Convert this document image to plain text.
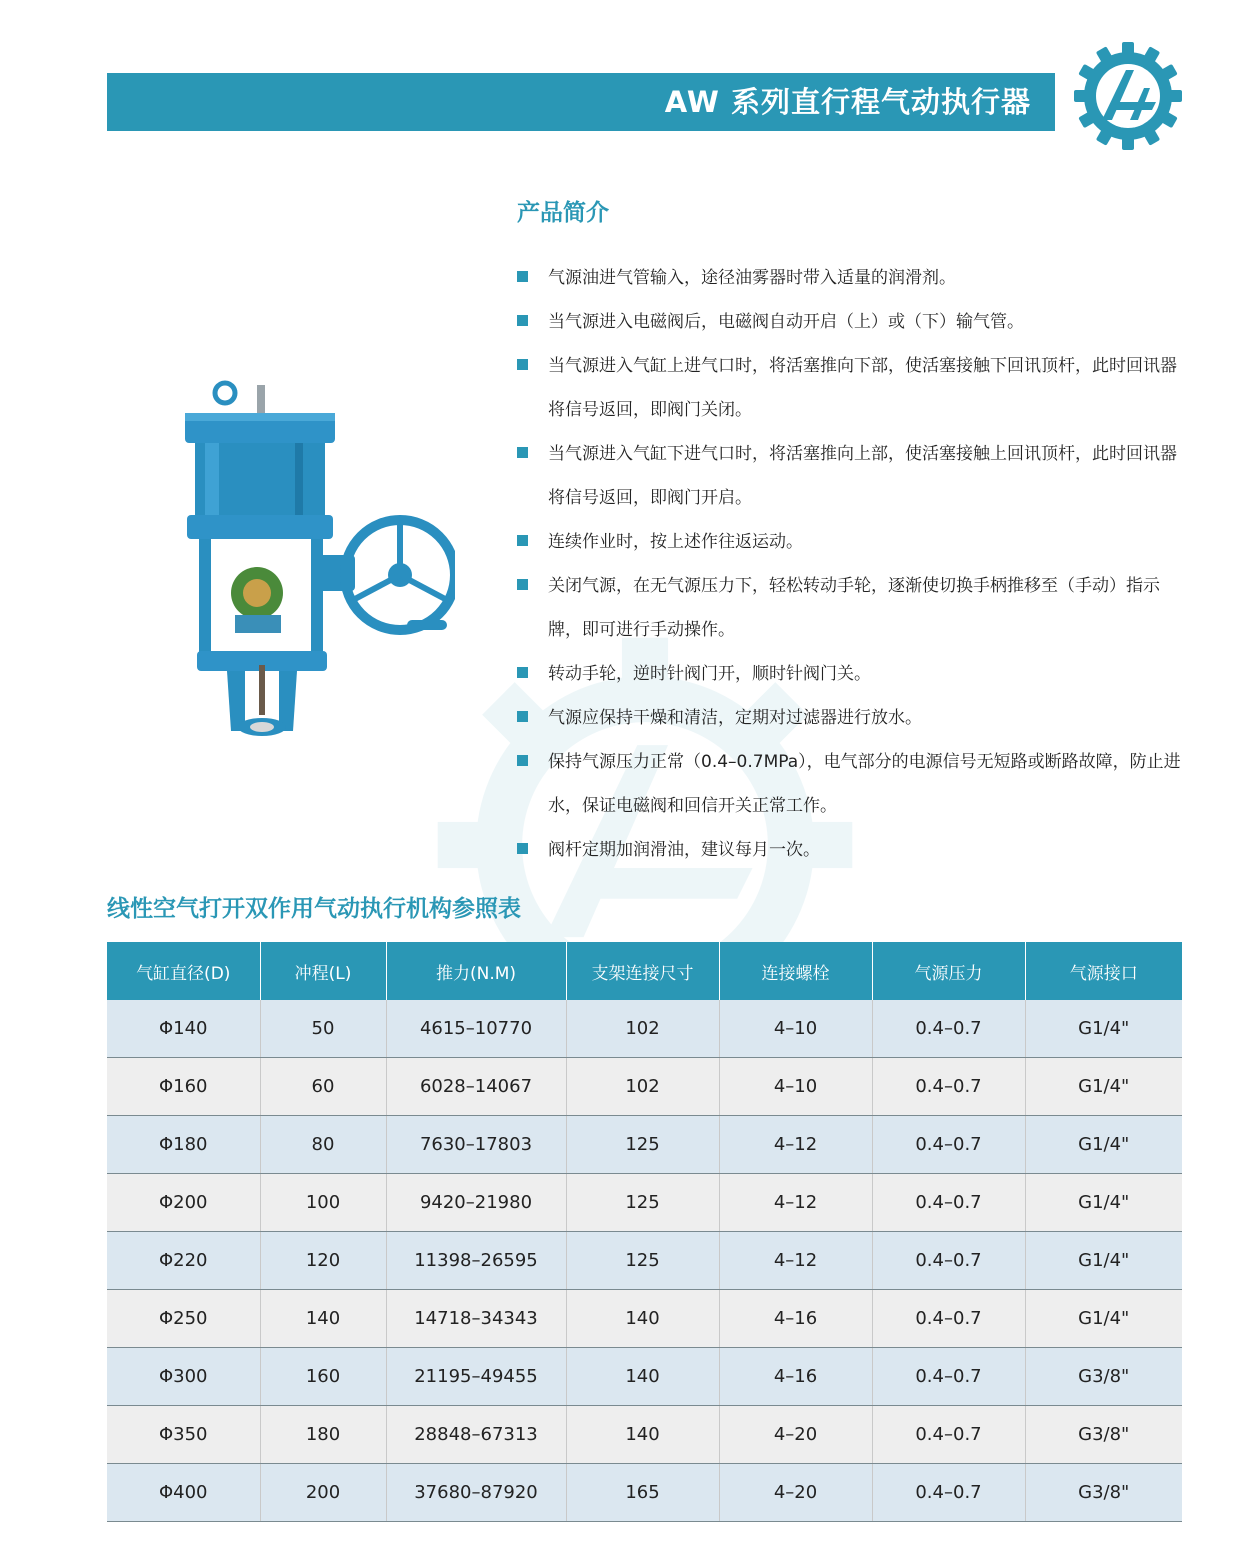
AW 系列直行程气动执行器
产品简介
气源油进气管输入，途径油雾器时带入适量的润滑剂。
当气源进入电磁阀后，电磁阀自动开启（上）或（下）输气管。
当气源进入气缸上进气口时，将活塞推向下部，使活塞接触下回讯顶杆，此时回讯器将信号返回，即阀门关闭。
当气源进入气缸下进气口时，将活塞推向上部，使活塞接触上回讯顶杆，此时回讯器将信号返回，即阀门开启。
连续作业时，按上述作往返运动。
关闭气源，在无气源压力下，轻松转动手轮，逐渐使切换手柄推移至（手动）指示牌，即可进行手动操作。
转动手轮，逆时针阀门开，顺时针阀门关。
气源应保持干燥和清洁，定期对过滤器进行放水。
保持气源压力正常（0.4–0.7MPa），电气部分的电源信号无短路或断路故障，防止进水，保证电磁阀和回信开关正常工作。
阀杆定期加润滑油，建议每月一次。
线性空气打开双作用气动执行机构参照表
气缸直径(D)	冲程(L)	推力(N.M)	支架连接尺寸	连接螺栓	气源压力	气源接口
Φ140	50	4615–10770	102	4–10	0.4–0.7	G1/4"
Φ160	60	6028–14067	102	4–10	0.4–0.7	G1/4"
Φ180	80	7630–17803	125	4–12	0.4–0.7	G1/4"
Φ200	100	9420–21980	125	4–12	0.4–0.7	G1/4"
Φ220	120	11398–26595	125	4–12	0.4–0.7	G1/4"
Φ250	140	14718–34343	140	4–16	0.4–0.7	G1/4"
Φ300	160	21195–49455	140	4–16	0.4–0.7	G3/8"
Φ350	180	28848–67313	140	4–20	0.4–0.7	G3/8"
Φ400	200	37680–87920	165	4–20	0.4–0.7	G3/8"
